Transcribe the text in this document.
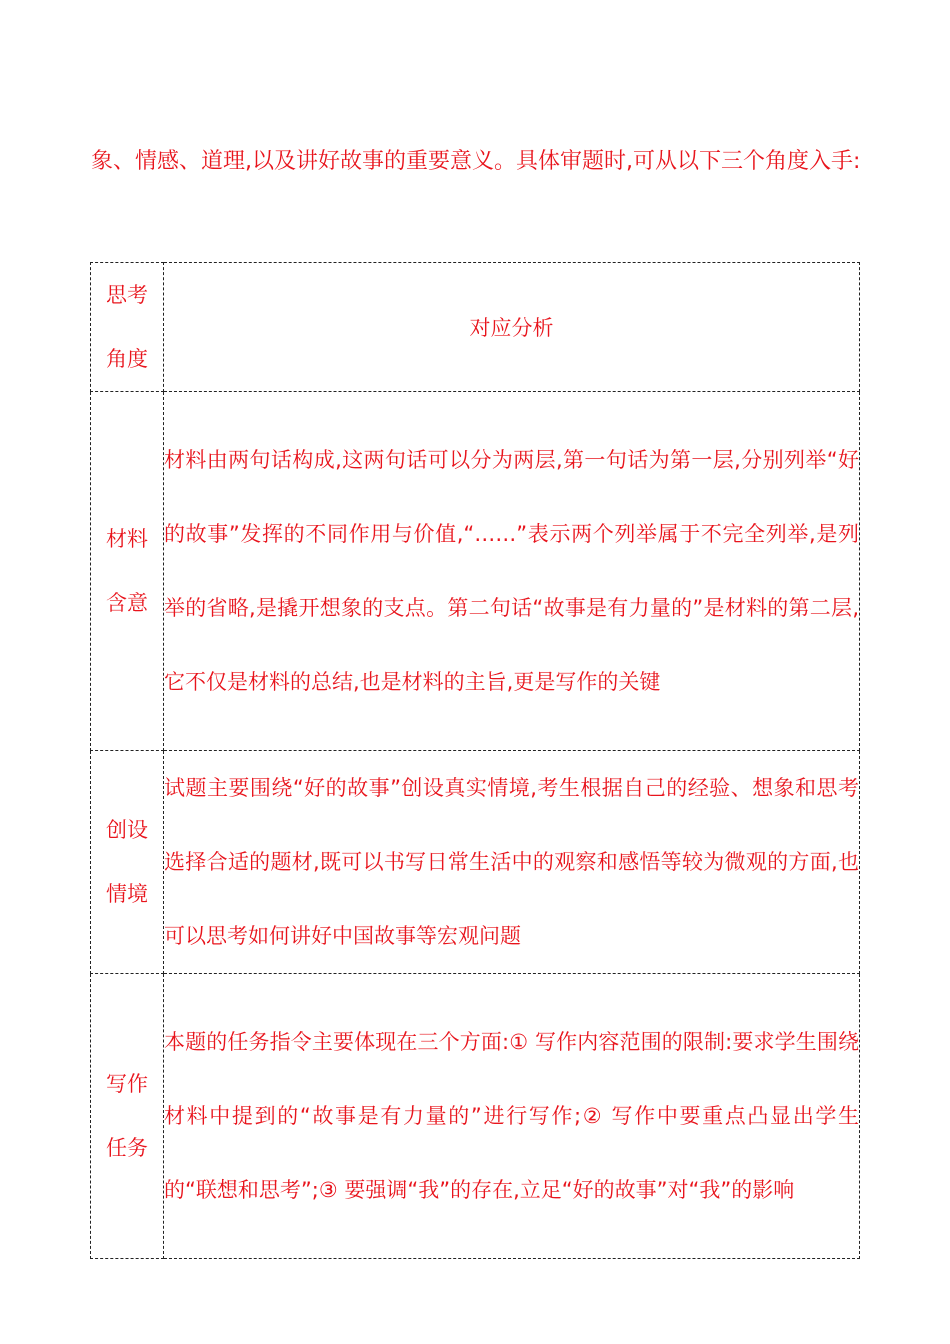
象、情感、道理,以及讲好故事的重要意义。具体审题时,可从以下三个角度入手:

思考
角度	对应分析
材料
含意	材料由两句话构成,这两句话可以分为两层,第一句话为第一层,分别列举“好的故事”发挥的不同作用与价值,“……”表示两个列举属于不完全列举,是列举的省略,是撬开想象的支点。第二句话“故事是有力量的”是材料的第二层,它不仅是材料的总结,也是材料的主旨,更是写作的关键
创设
情境	试题主要围绕“好的故事”创设真实情境,考生根据自己的经验、想象和思考选择合适的题材,既可以书写日常生活中的观察和感悟等较为微观的方面,也可以思考如何讲好中国故事等宏观问题
写作
任务	本题的任务指令主要体现在三个方面:① 写作内容范围的限制:要求学生围绕材料中提到的“故事是有力量的”进行写作;② 写作中要重点凸显出学生的“联想和思考”;③ 要强调“我”的存在,立足“好的故事”对“我”的影响
